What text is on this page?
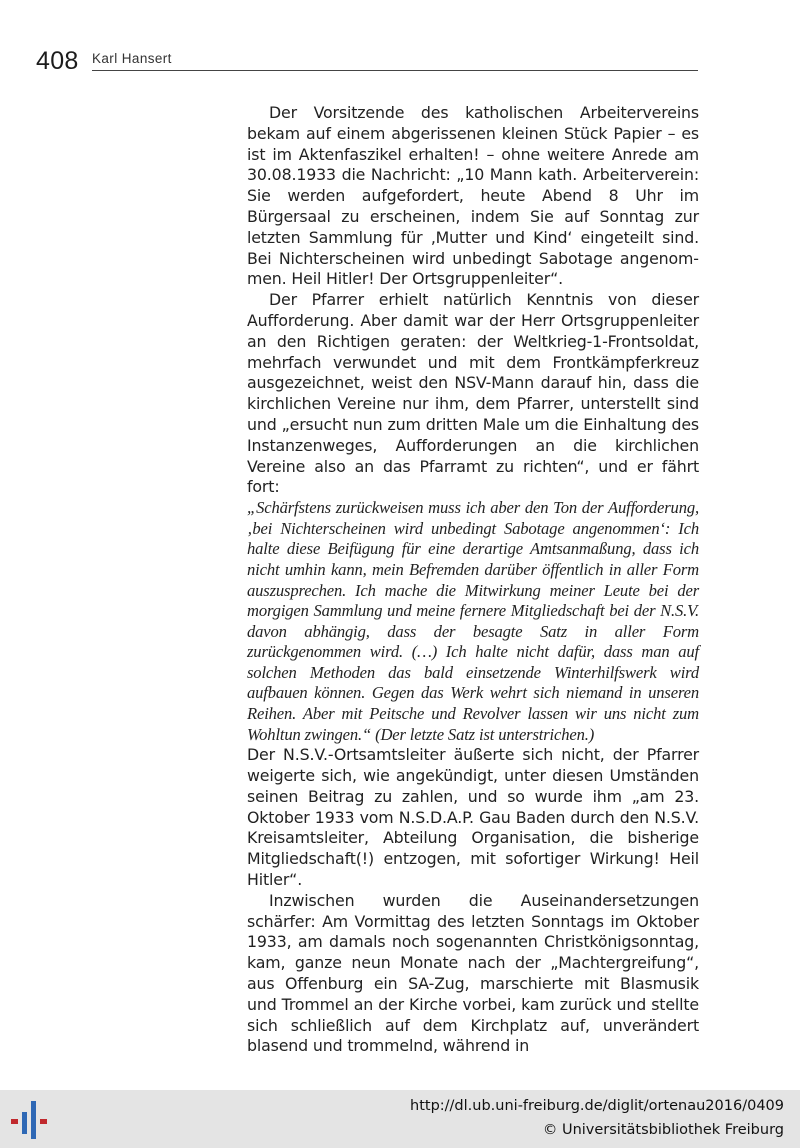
408 Karl Hansert

Der Vorsitzende des katholischen Arbeitervereins bekam auf einem abgerissenen kleinen Stück Papier – es ist im Aktenfaszikel erhalten! – ohne weitere Anrede am 30.08.1933 die Nachricht: „10 Mann kath. Arbeiterverein: Sie werden aufgefordert, heute Abend 8 Uhr im Bürgersaal zu erscheinen, indem Sie auf Sonntag zur letzten Sammlung für ‚Mutter und Kind‘ eingeteilt sind. Bei Nichterscheinen wird unbedingt Sabotage angenommen. Heil Hitler! Der Ortsgruppenleiter“.

Der Pfarrer erhielt natürlich Kenntnis von dieser Aufforderung. Aber damit war der Herr Ortsgruppenleiter an den Richtigen geraten: der Weltkrieg-1-Frontsoldat, mehrfach verwundet und mit dem Frontkämpferkreuz ausgezeichnet, weist den NSV-Mann darauf hin, dass die kirchlichen Vereine nur ihm, dem Pfarrer, unterstellt sind und „ersucht nun zum dritten Male um die Einhaltung des Instanzenweges, Aufforderungen an die kirchlichen Vereine also an das Pfarramt zu richten“, und er fährt fort:

„Schärfstens zurückweisen muss ich aber den Ton der Aufforderung, ‚bei Nichterscheinen wird unbedingt Sabotage angenommen‘: Ich halte diese Beifügung für eine derartige Amtsanmaßung, dass ich nicht umhin kann, mein Befremden darüber öffentlich in aller Form auszusprechen. Ich mache die Mitwirkung meiner Leute bei der morgigen Sammlung und meine fernere Mitgliedschaft bei der N.S.V. davon abhängig, dass der besagte Satz in aller Form zurückgenommen wird. (…) Ich halte nicht dafür, dass man auf solchen Methoden das bald einsetzende Winterhilfswerk wird aufbauen können. Gegen das Werk wehrt sich niemand in unseren Reihen. Aber mit Peitsche und Revolver lassen wir uns nicht zum Wohltun zwingen.“ (Der letzte Satz ist unterstrichen.)

Der N.S.V.-Ortsamtsleiter äußerte sich nicht, der Pfarrer weigerte sich, wie angekündigt, unter diesen Umständen seinen Beitrag zu zahlen, und so wurde ihm „am 23. Oktober 1933 vom N.S.D.A.P. Gau Baden durch den N.S.V. Kreisamtsleiter, Abteilung Organisation, die bisherige Mitgliedschaft(!) entzogen, mit sofortiger Wirkung! Heil Hitler“.

Inzwischen wurden die Auseinandersetzungen schärfer: Am Vormittag des letzten Sonntags im Oktober 1933, am damals noch sogenannten Christkönigsonntag, kam, ganze neun Monate nach der „Machtergreifung“, aus Offenburg ein SA-Zug, marschierte mit Blasmusik und Trommel an der Kirche vorbei, kam zurück und stellte sich schließlich auf dem Kirchplatz auf, unverändert blasend und trommelnd, während in

http://dl.ub.uni-freiburg.de/diglit/ortenau2016/0409
© Universitätsbibliothek Freiburg
